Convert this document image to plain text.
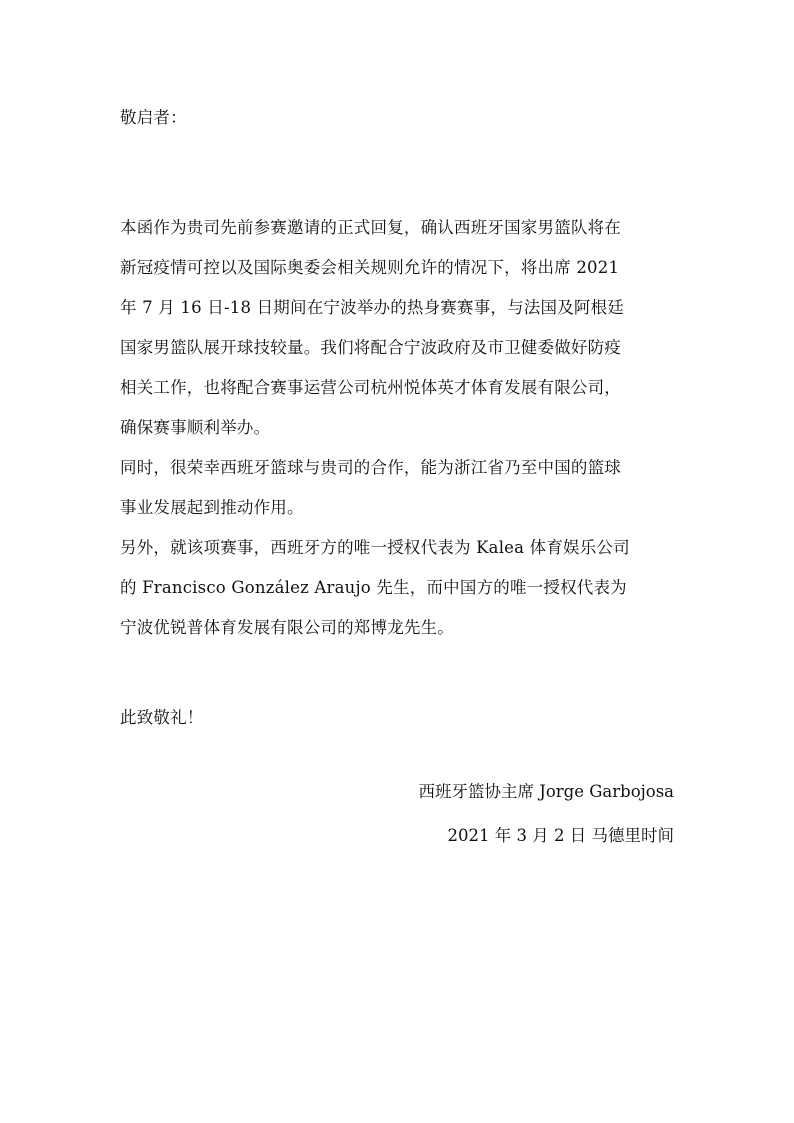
敬启者：
本函作为贵司先前参赛邀请的正式回复，确认西班牙国家男篮队将在
新冠疫情可控以及国际奥委会相关规则允许的情况下，将出席 2021
年 7 月 16 日-18 日期间在宁波举办的热身赛赛事，与法国及阿根廷
国家男篮队展开球技较量。我们将配合宁波政府及市卫健委做好防疫
相关工作，也将配合赛事运营公司杭州悦体英才体育发展有限公司，
确保赛事顺利举办。
同时，很荣幸西班牙篮球与贵司的合作，能为浙江省乃至中国的篮球
事业发展起到推动作用。
另外，就该项赛事，西班牙方的唯一授权代表为 Kalea 体育娱乐公司
的 Francisco González Araujo 先生，而中国方的唯一授权代表为
宁波优锐普体育发展有限公司的郑博龙先生。
此致敬礼！
西班牙篮协主席 Jorge Garbojosa
2021 年 3 月 2 日 马德里时间
